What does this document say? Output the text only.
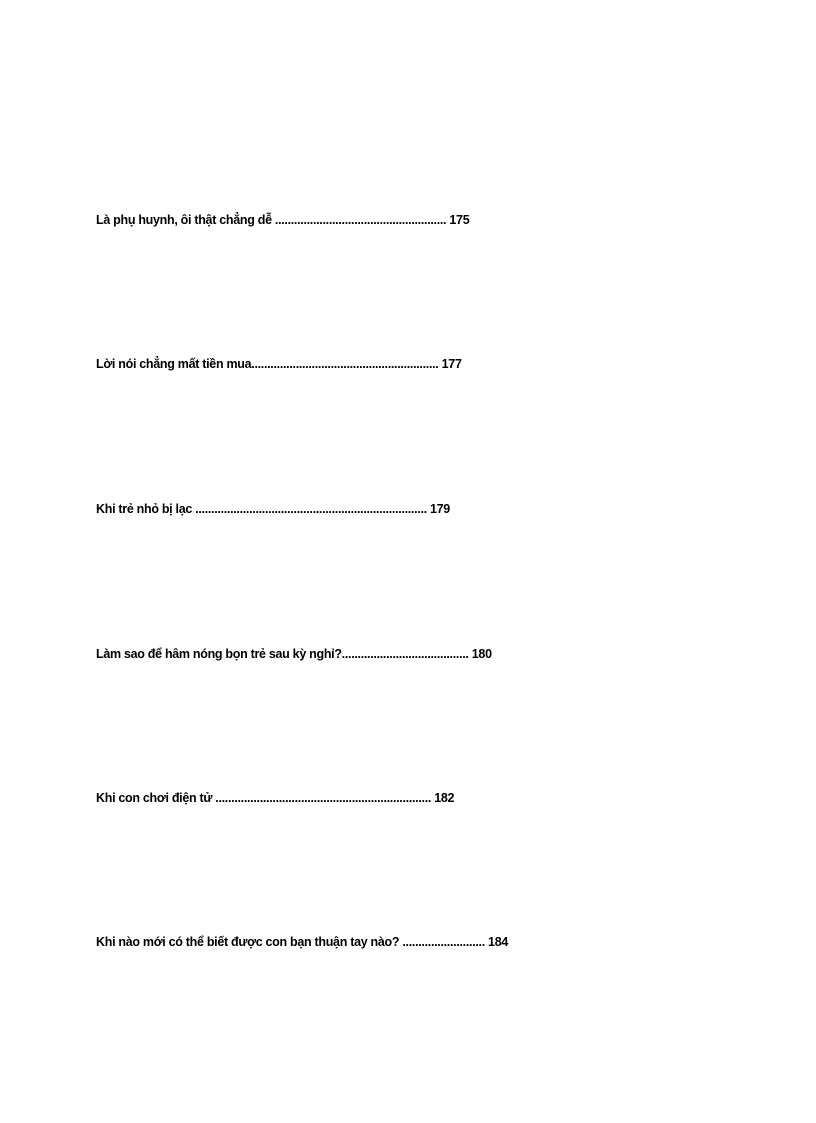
Là phụ huynh, ôi thật chẳng dễ ...................................................... 175
Lời nói chẳng mất tiền mua........................................................... 177
Khi trẻ nhỏ bị lạc ......................................................................... 179
Làm sao để hâm nóng bọn trẻ sau kỳ nghỉ?........................................ 180
Khi con chơi điện tử .................................................................... 182
Khi nào mới có thể biết được con bạn thuận tay nào? .......................... 184
